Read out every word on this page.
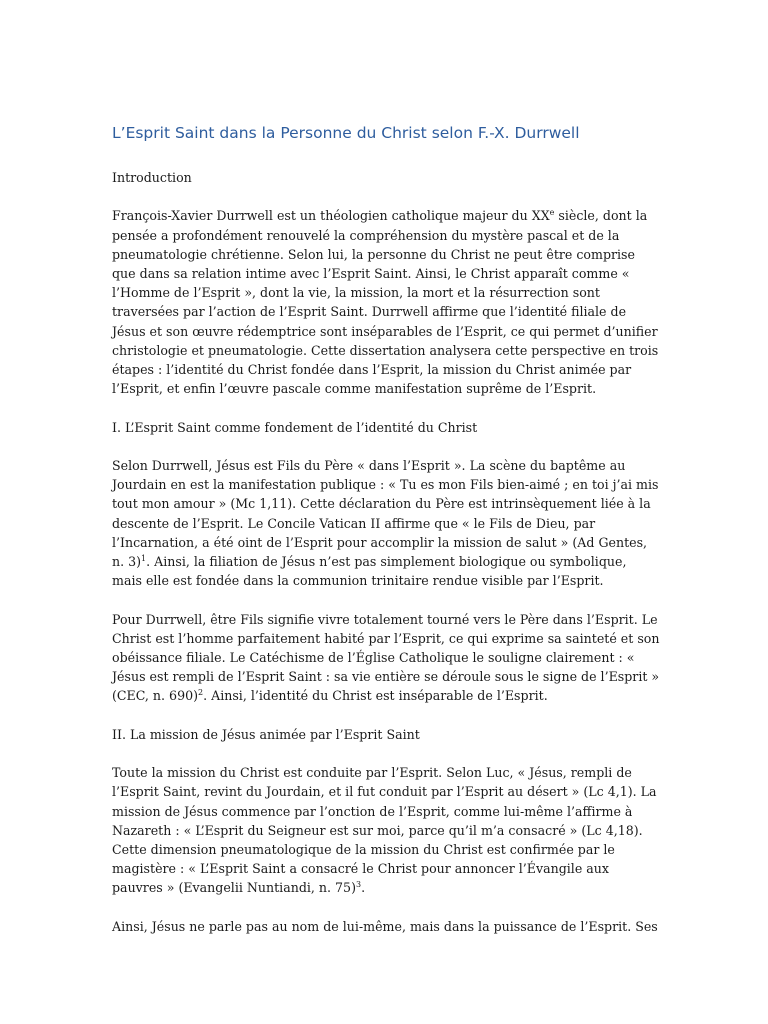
L’Esprit Saint dans la Personne du Christ selon F.-X. Durrwell

Introduction

François-Xavier Durrwell est un théologien catholique majeur du XXe siècle, dont la pensée a profondément renouvelé la compréhension du mystère pascal et de la pneumatologie chrétienne. Selon lui, la personne du Christ ne peut être comprise que dans sa relation intime avec l’Esprit Saint. Ainsi, le Christ apparaît comme « l’Homme de l’Esprit », dont la vie, la mission, la mort et la résurrection sont traversées par l’action de l’Esprit Saint. Durrwell affirme que l’identité filiale de Jésus et son œuvre rédemptrice sont inséparables de l’Esprit, ce qui permet d’unifier christologie et pneumatologie. Cette dissertation analysera cette perspective en trois étapes : l’identité du Christ fondée dans l’Esprit, la mission du Christ animée par l’Esprit, et enfin l’œuvre pascale comme manifestation suprême de l’Esprit.

I. L’Esprit Saint comme fondement de l’identité du Christ

Selon Durrwell, Jésus est Fils du Père « dans l’Esprit ». La scène du baptême au Jourdain en est la manifestation publique : « Tu es mon Fils bien-aimé ; en toi j’ai mis tout mon amour » (Mc 1,11). Cette déclaration du Père est intrinsèquement liée à la descente de l’Esprit. Le Concile Vatican II affirme que « le Fils de Dieu, par l’Incarnation, a été oint de l’Esprit pour accomplir la mission de salut » (Ad Gentes, n. 3)$^1$. Ainsi, la filiation de Jésus n’est pas simplement biologique ou symbolique, mais elle est fondée dans la communion trinitaire rendue visible par l’Esprit.

Pour Durrwell, être Fils signifie vivre totalement tourné vers le Père dans l’Esprit. Le Christ est l’homme parfaitement habité par l’Esprit, ce qui exprime sa sainteté et son obéissance filiale. Le Catéchisme de l’Église Catholique le souligne clairement : « Jésus est rempli de l’Esprit Saint : sa vie entière se déroule sous le signe de l’Esprit » (CEC, n. 690)$^2$. Ainsi, l’identité du Christ est inséparable de l’Esprit.

II. La mission de Jésus animée par l’Esprit Saint

Toute la mission du Christ est conduite par l’Esprit. Selon Luc, « Jésus, rempli de l’Esprit Saint, revint du Jourdain, et il fut conduit par l’Esprit au désert » (Lc 4,1). La mission de Jésus commence par l’onction de l’Esprit, comme lui-même l’affirme à Nazareth : « L’Esprit du Seigneur est sur moi, parce qu’il m’a consacré » (Lc 4,18). Cette dimension pneumatologique de la mission du Christ est confirmée par le magistère : « L’Esprit Saint a consacré le Christ pour annoncer l’Évangile aux pauvres » (Evangelii Nuntiandi, n. 75)$^3$.

Ainsi, Jésus ne parle pas au nom de lui-même, mais dans la puissance de l’Esprit. Ses
